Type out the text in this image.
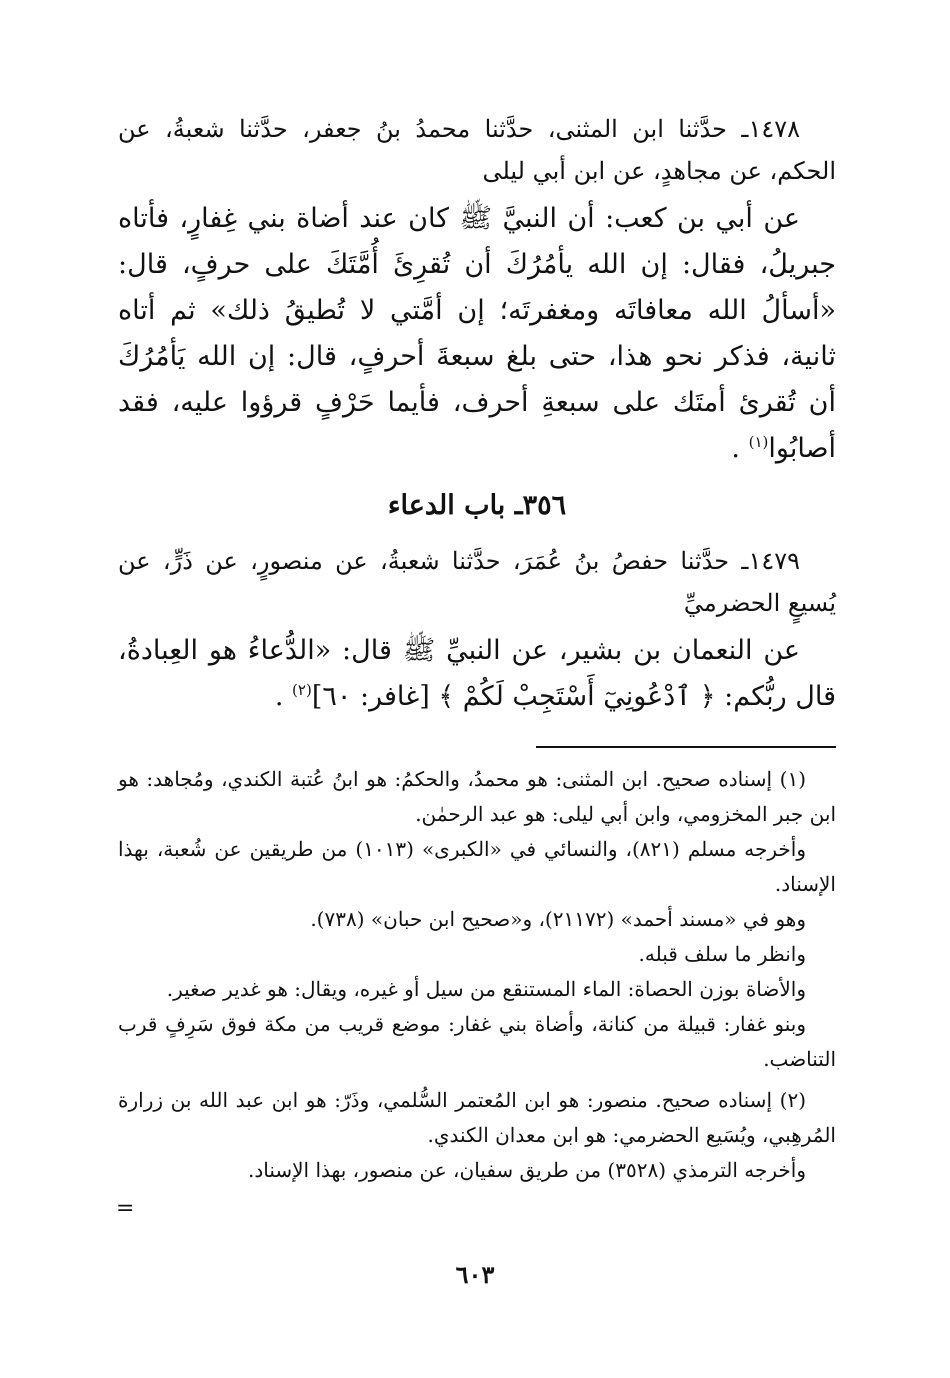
١٤٧٨ـ حدَّثنا ابن المثنى، حدَّثنا محمدُ بنُ جعفر، حدَّثنا شعبةُ، عن الحكم، عن مجاهدٍ، عن ابن أبي ليلى

عن أبي بن كعب: أن النبيَّ ﷺ كان عند أضاة بني غِفارٍ، فأتاه جبريلُ، فقال: إن الله يأمُرُكَ أن تُقرِئَ أُمَّتَكَ على حرفٍ، قال: «أسألُ الله معافاتَه ومغفرتَه؛ إن أمَّتي لا تُطيقُ ذلك» ثم أتاه ثانية، فذكر نحو هذا، حتى بلغ سبعةَ أحرفٍ، قال: إن الله يَأمُرُكَ أن تُقرئ أمتَك على سبعةِ أحرف، فأيما حَرْفٍ قرؤوا عليه، فقد أصابُوا$^{(١)}$ .

٣٥٦ـ باب الدعاء

١٤٧٩ـ حدَّثنا حفصُ بنُ عُمَرَ، حدَّثنا شعبةُ، عن منصورٍ، عن ذَرٍّ، عن يُسيعٍ الحضرميِّ

عن النعمان بن بشير، عن النبيِّ ﷺ قال: «الدُّعاءُ هو العِبادةُ، قال ربُّكم: ﴿ ٱدْعُونِيٓ أَسْتَجِبْ لَكُمْ ﴾ [غافر: ٦٠]$^{(٢)}$ .

(١) إسناده صحيح. ابن المثنى: هو محمدُ، والحكمُ: هو ابنُ عُتبة الكندي، ومُجاهد: هو ابن جبر المخزومي، وابن أبي ليلى: هو عبد الرحمٰن.

وأخرجه مسلم (٨٢١)، والنسائي في «الكبرى» (١٠١٣) من طريقين عن شُعبة، بهذا الإسناد.

وهو في «مسند أحمد» (٢١١٧٢)، و«صحيح ابن حبان» (٧٣٨).

وانظر ما سلف قبله.

والأضاة بوزن الحصاة: الماء المستنقع من سيل أو غيره، ويقال: هو غدير صغير.

وبنو غفار: قبيلة من كنانة، وأضاة بني غفار: موضع قريب من مكة فوق سَرِفٍ قرب التناضب.

(٢) إسناده صحيح. منصور: هو ابن المُعتمر السُّلمي، وذَرّ: هو ابن عبد الله بن زرارة المُرهِبي، ويُسَيع الحضرمي: هو ابن معدان الكندي.

وأخرجه الترمذي (٣٥٢٨) من طريق سفيان، عن منصور، بهذا الإسناد.

=
٦٠٣
